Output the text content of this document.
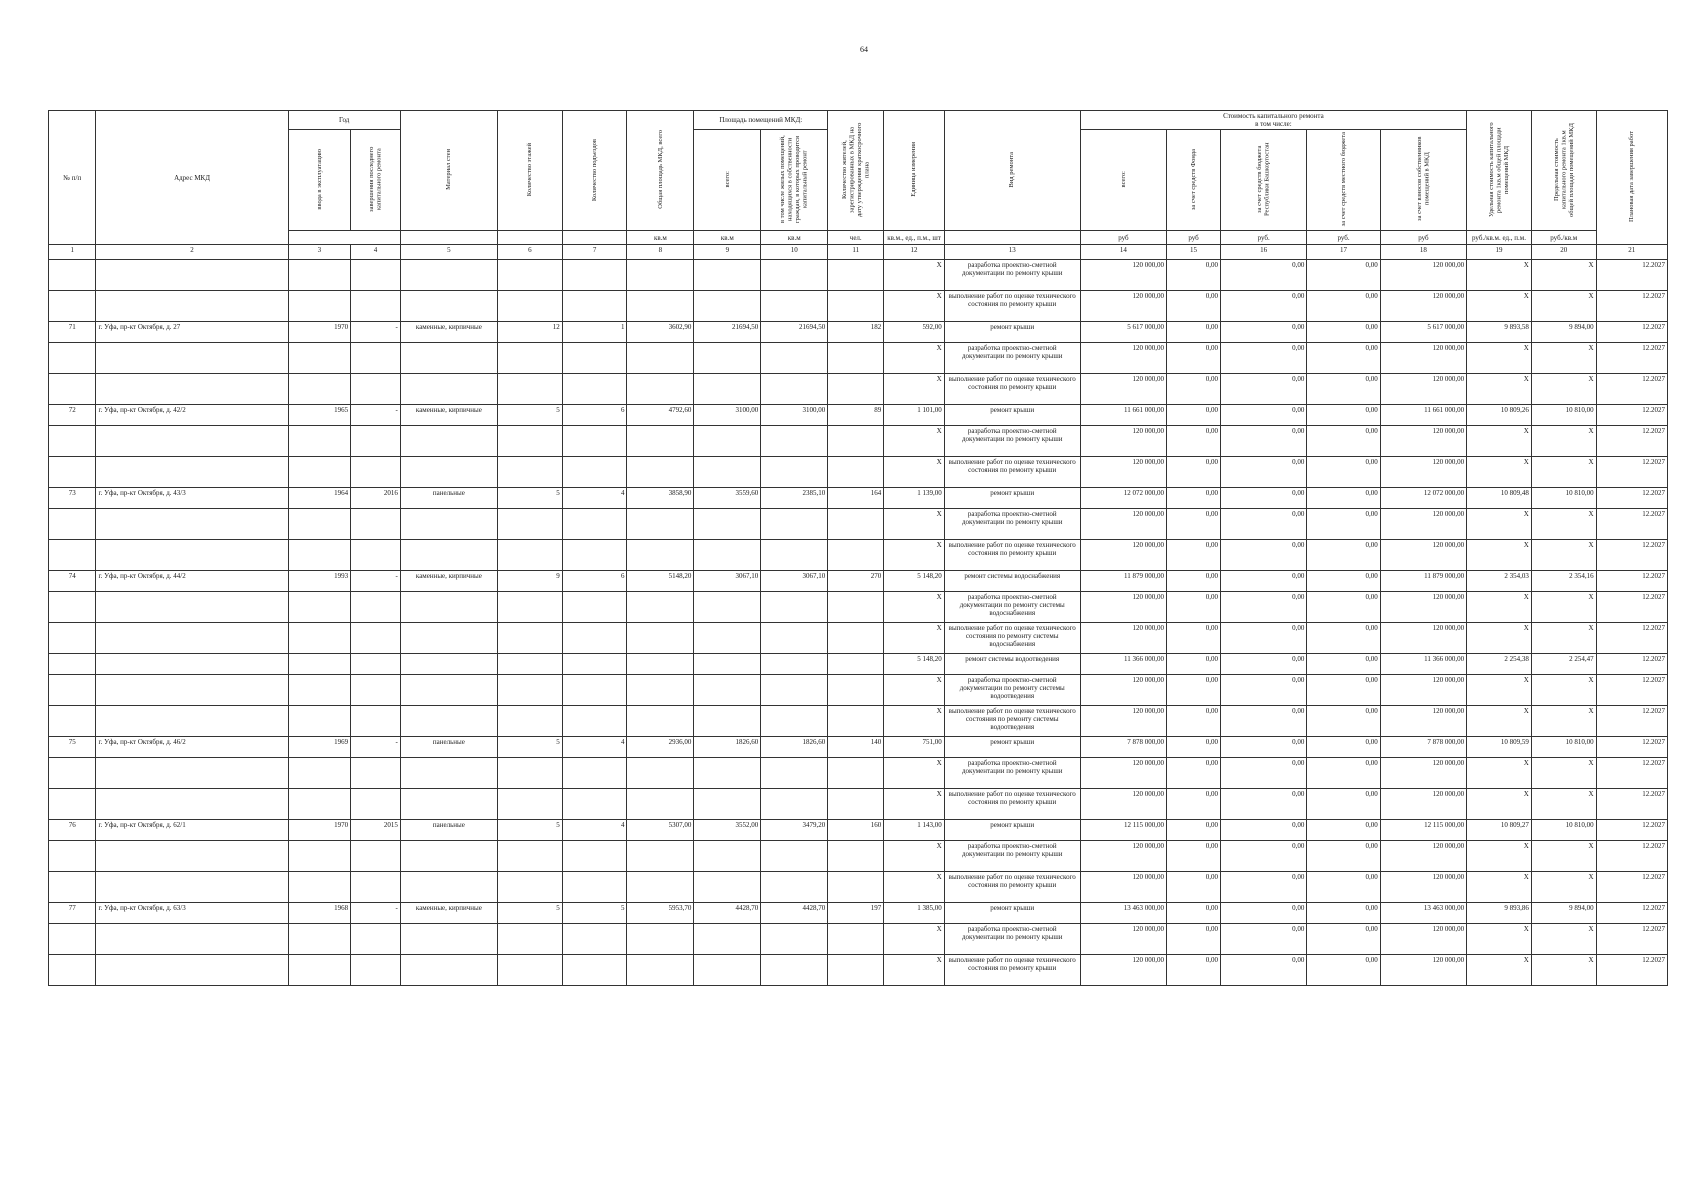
64
№ п/п	Адрес МКД	Год		Материал стен	Количество этажей	Количество подъездов	Общая площадь МКД, всего	Площадь помещений МКД:		Количество жителей, зарегистрированных в МКД на дату утверждения краткосрочного плана	Единица измерения	Вид ремонта	Стоимость капитального ремонта
в том числе:					Удельная стоимость капитального ремонта 1кв.м общей площади помещений МКД	Предельная стоимость капитального ремонта 1кв.м общей площади помещений МКД	Плановая дата завершения работ
		ввода в эксплуатацию	завершения последнего капитального ремонта					всего:	в том числе жилых помещений, находящихся в собственности граждан, в которых проводится капитальный ремонт				всего:	за счет средств Фонда	за счет средств бюджета Республики Башкортостан	за счет средств местного бюджета	за счет взносов собственников помещений в МКД			
							кв.м	кв.м	кв.м	чел.	кв.м., ед., п.м., шт		руб	руб	руб.	руб.	руб	руб./кв.м. ед., п.м.	руб./кв.м	
1	2	3	4	5	6	7	8	9	10	11	12	13	14	15	16	17	18	19	20	21
											X	разработка проектно-сметной документации по ремонту крыши	120 000,00	0,00	0,00	0,00	120 000,00	X	X	12.2027
											X	выполнение работ по оценке технического состояния по ремонту крыши	120 000,00	0,00	0,00	0,00	120 000,00	X	X	12.2027
71	г. Уфа, пр-кт Октября, д. 27	1970	-	каменные, кирпичные	12	1	3602,90	21694,50	21694,50	182	592,00	ремонт крыши	5 617 000,00	0,00	0,00	0,00	5 617 000,00	9 893,58	9 894,00	12.2027
											X	разработка проектно-сметной документации по ремонту крыши	120 000,00	0,00	0,00	0,00	120 000,00	X	X	12.2027
											X	выполнение работ по оценке технического состояния по ремонту крыши	120 000,00	0,00	0,00	0,00	120 000,00	X	X	12.2027
72	г. Уфа, пр-кт Октября, д. 42/2	1965	-	каменные, кирпичные	5	6	4792,60	3100,00	3100,00	89	1 101,00	ремонт крыши	11 661 000,00	0,00	0,00	0,00	11 661 000,00	10 809,26	10 810,00	12.2027
											X	разработка проектно-сметной документации по ремонту крыши	120 000,00	0,00	0,00	0,00	120 000,00	X	X	12.2027
											X	выполнение работ по оценке технического состояния по ремонту крыши	120 000,00	0,00	0,00	0,00	120 000,00	X	X	12.2027
73	г. Уфа, пр-кт Октября, д. 43/3	1964	2016	панельные	5	4	3858,90	3559,60	2385,10	164	1 139,00	ремонт крыши	12 072 000,00	0,00	0,00	0,00	12 072 000,00	10 809,48	10 810,00	12.2027
											X	разработка проектно-сметной документации по ремонту крыши	120 000,00	0,00	0,00	0,00	120 000,00	X	X	12.2027
											X	выполнение работ по оценке технического состояния по ремонту крыши	120 000,00	0,00	0,00	0,00	120 000,00	X	X	12.2027
74	г. Уфа, пр-кт Октября, д. 44/2	1993	-	каменные, кирпичные	9	6	5148,20	3067,10	3067,10	270	5 148,20	ремонт системы водоснабжения	11 879 000,00	0,00	0,00	0,00	11 879 000,00	2 354,03	2 354,16	12.2027
											X	разработка проектно-сметной документации по ремонту системы водоснабжения	120 000,00	0,00	0,00	0,00	120 000,00	X	X	12.2027
											X	выполнение работ по оценке технического состояния по ремонту системы водоснабжения	120 000,00	0,00	0,00	0,00	120 000,00	X	X	12.2027
											5 148,20	ремонт системы водоотведения	11 366 000,00	0,00	0,00	0,00	11 366 000,00	2 254,38	2 254,47	12.2027
											X	разработка проектно-сметной документации по ремонту системы водоотведения	120 000,00	0,00	0,00	0,00	120 000,00	X	X	12.2027
											X	выполнение работ по оценке технического состояния по ремонту системы водоотведения	120 000,00	0,00	0,00	0,00	120 000,00	X	X	12.2027
75	г. Уфа, пр-кт Октября, д. 46/2	1969	-	панельные	5	4	2936,00	1826,60	1826,60	140	751,00	ремонт крыши	7 878 000,00	0,00	0,00	0,00	7 878 000,00	10 809,59	10 810,00	12.2027
											X	разработка проектно-сметной документации по ремонту крыши	120 000,00	0,00	0,00	0,00	120 000,00	X	X	12.2027
											X	выполнение работ по оценке технического состояния по ремонту крыши	120 000,00	0,00	0,00	0,00	120 000,00	X	X	12.2027
76	г. Уфа, пр-кт Октября, д. 62/1	1970	2015	панельные	5	4	5307,00	3552,00	3479,20	160	1 143,00	ремонт крыши	12 115 000,00	0,00	0,00	0,00	12 115 000,00	10 809,27	10 810,00	12.2027
											X	разработка проектно-сметной документации по ремонту крыши	120 000,00	0,00	0,00	0,00	120 000,00	X	X	12.2027
											X	выполнение работ по оценке технического состояния по ремонту крыши	120 000,00	0,00	0,00	0,00	120 000,00	X	X	12.2027
77	г. Уфа, пр-кт Октября, д. 63/3	1968	-	каменные, кирпичные	5	5	5953,70	4428,70	4428,70	197	1 385,00	ремонт крыши	13 463 000,00	0,00	0,00	0,00	13 463 000,00	9 893,86	9 894,00	12.2027
											X	разработка проектно-сметной документации по ремонту крыши	120 000,00	0,00	0,00	0,00	120 000,00	X	X	12.2027
											X	выполнение работ по оценке технического состояния по ремонту крыши	120 000,00	0,00	0,00	0,00	120 000,00	X	X	12.2027
